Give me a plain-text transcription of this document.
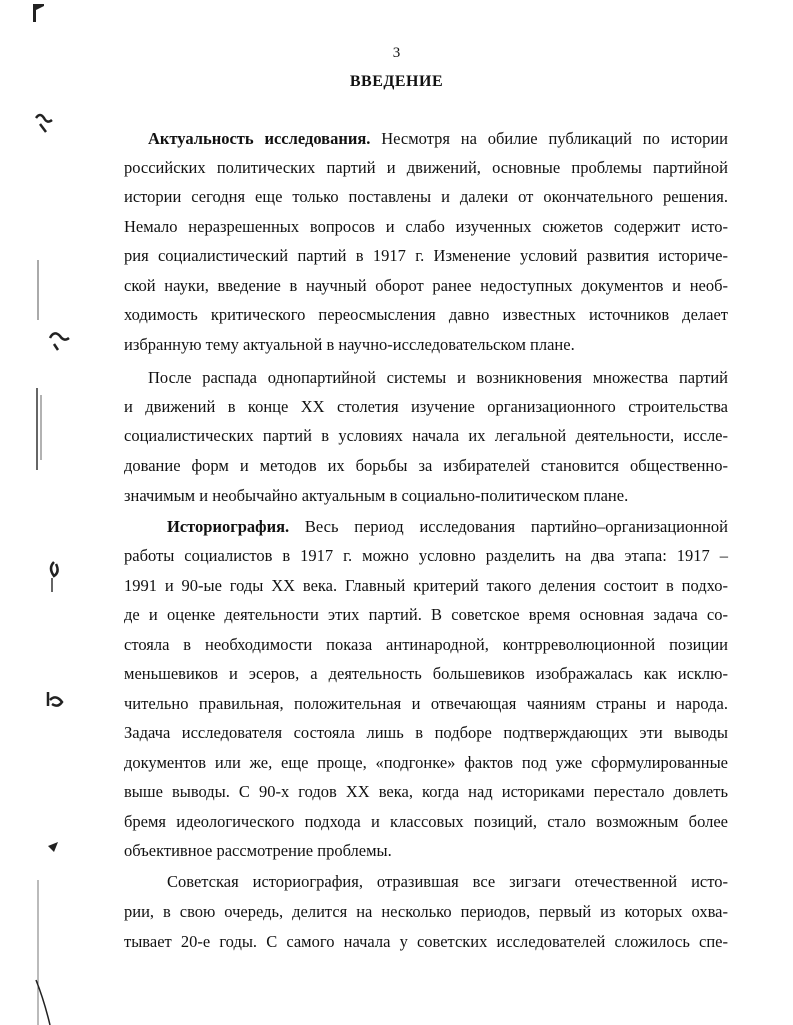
3
ВВЕДЕНИЕ
Актуальность исследования. Несмотря на обилие публикаций по истории
российских политических партий и движений, основные проблемы партийной
истории сегодня еще только поставлены и далеки от окончательного решения.
Немало неразрешенных вопросов и слабо изученных сюжетов содержит исто-
рия социалистический партий в 1917 г. Изменение условий развития историче-
ской науки, введение в научный оборот ранее недоступных документов и необ-
ходимость критического переосмысления давно известных источников делает
избранную тему актуальной в научно-исследовательском плане.
После распада однопартийной системы и возникновения множества партий
и движений в конце XX столетия изучение организационного строительства
социалистических партий в условиях начала их легальной деятельности, иссле-
дование форм и методов их борьбы за избирателей становится общественно-
значимым и необычайно актуальным в социально-политическом плане.
Историография. Весь период исследования партийно–организационной
работы социалистов в 1917 г. можно условно разделить на два этапа: 1917 –
1991 и 90-ые годы XX века. Главный критерий такого деления состоит в подхо-
де и оценке деятельности этих партий. В советское время основная задача со-
стояла в необходимости показа антинародной, контрреволюционной позиции
меньшевиков и эсеров, а деятельность большевиков изображалась как исклю-
чительно правильная, положительная и отвечающая чаяниям страны и народа.
Задача исследователя состояла лишь в подборе подтверждающих эти выводы
документов или же, еще проще, «подгонке» фактов под уже сформулированные
выше выводы. С 90-х годов XX века, когда над историками перестало довлеть
бремя идеологического подхода и классовых позиций, стало возможным более
объективное рассмотрение проблемы.
Советская историография, отразившая все зигзаги отечественной исто-
рии, в свою очередь, делится на несколько периодов, первый из которых охва-
тывает 20-е годы. С самого начала у советских исследователей сложилось спе-
